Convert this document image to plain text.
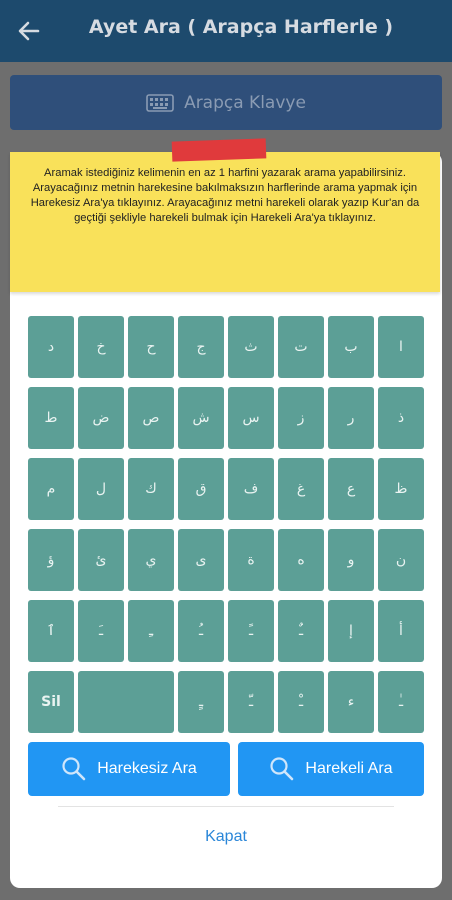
Ayet Ara ( Arapça Harflerle )
Arapça Klavye
Aramak istediğiniz kelimenin en az 1 harfini yazarak arama yapabilirsiniz. Arayacağınız metnin harekesine bakılmaksızın harflerinde arama yapmak için Harekesiz Ara'ya tıklayınız. Arayacağınız metni harekeli olarak yazıp Kur'an da geçtiği şekliyle harekeli bulmak için Harekeli Ara'ya tıklayınız.
د	خ	ح	ج	ث	ت	ب	ا
ط	ض	ص	ش	س	ز	ر	ذ
م	ل	ك	ق	ف	غ	ع	ظ
ؤ	ئ	ي	ى	ة	ه	و	ن
ٱ	ـَ	ـِ	ـُ	ـً	ـٌ	إ	أ
Sil	ـٍ	ـّ	ـْ	ء	ـٰ
Harekesiz Ara	Harekeli Ara
Kapat
